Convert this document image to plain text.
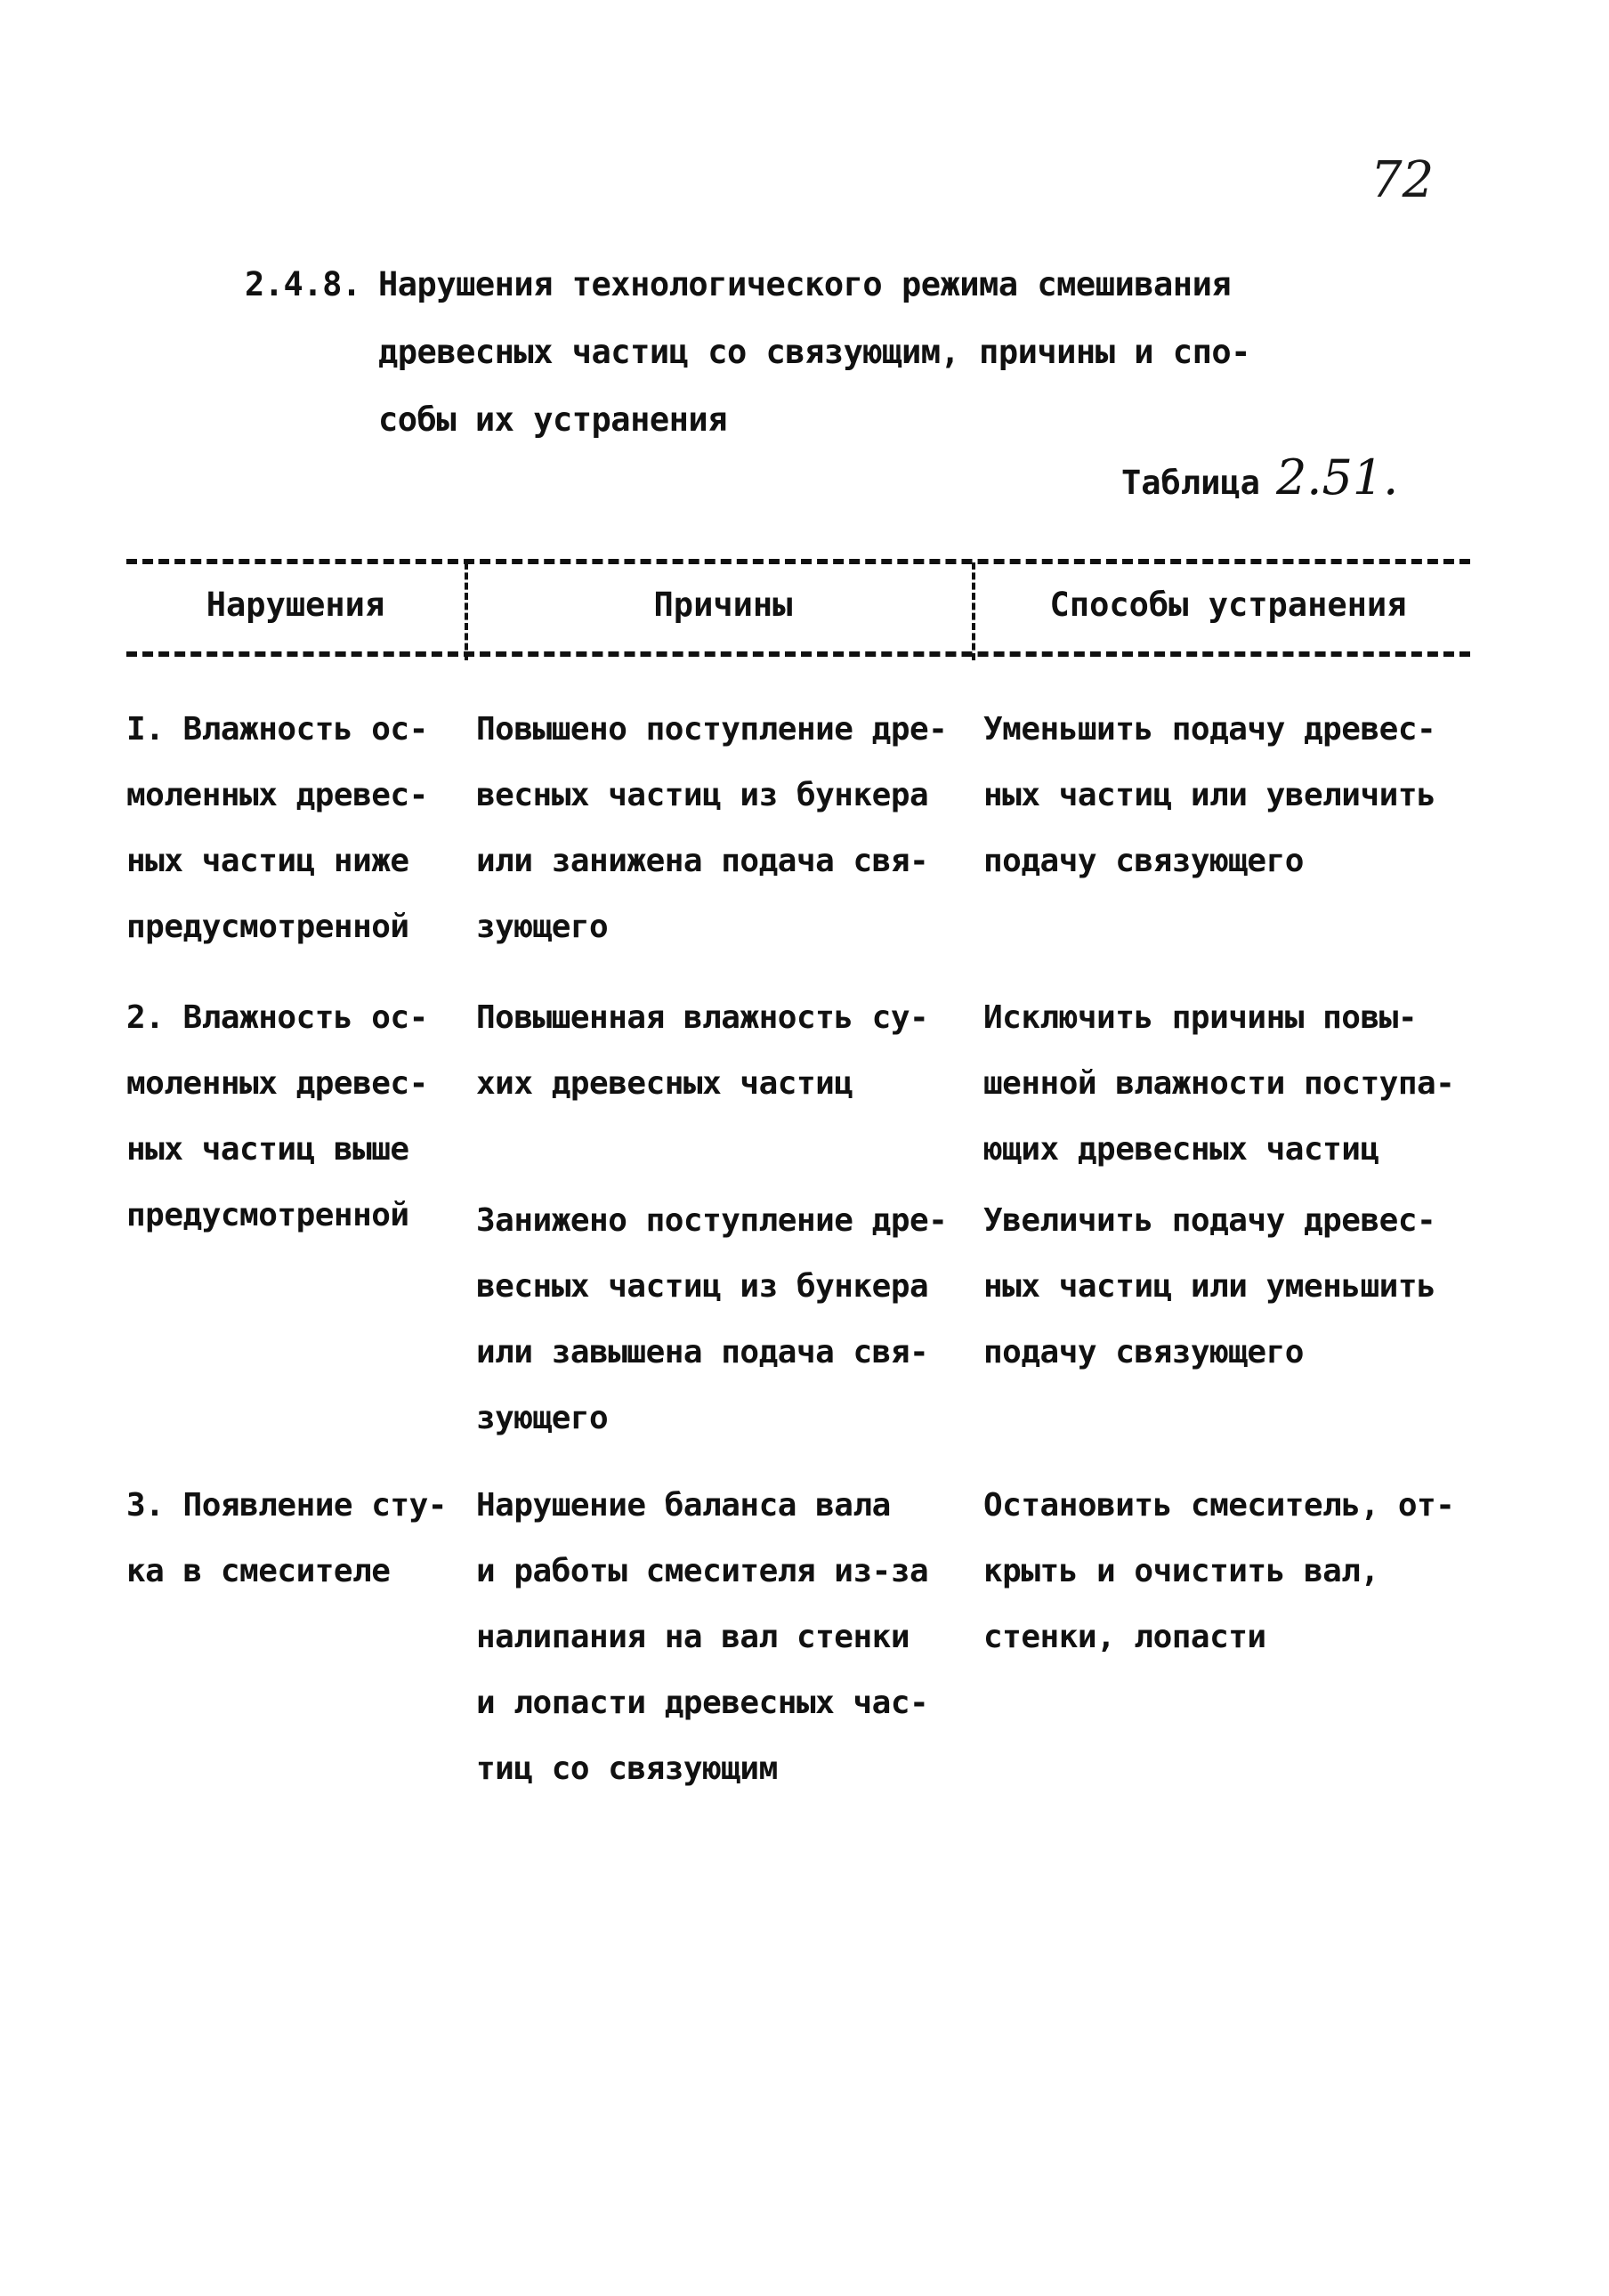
72
2.4.8. Нарушения технологического режима смешивания
древесных частиц со связующим, причины и спо-
собы их устранения
Таблица 2.51.
Нарушения	Причины	Способы устранения
I. Влажность ос-
моленных древес-
ных частиц ниже
предусмотренной
Повышено поступление дре-
весных частиц из бункера
или занижена подача свя-
зующего
Уменьшить подачу древес-
ных частиц или увеличить
подачу связующего
2. Влажность ос-
моленных древес-
ных частиц выше
предусмотренной
Повышенная влажность су-
хих древесных частиц
Исключить причины повы-
шенной влажности поступа-
ющих древесных частиц
Занижено поступление дре-
весных частиц из бункера
или завышена подача свя-
зующего
Увеличить подачу древес-
ных частиц или уменьшить
подачу связующего
3. Появление сту-
ка в смесителе
Нарушение баланса вала
и работы смесителя из-за
налипания на вал стенки
и лопасти древесных час-
тиц со связующим
Остановить смеситель, от-
крыть и очистить вал,
стенки, лопасти
